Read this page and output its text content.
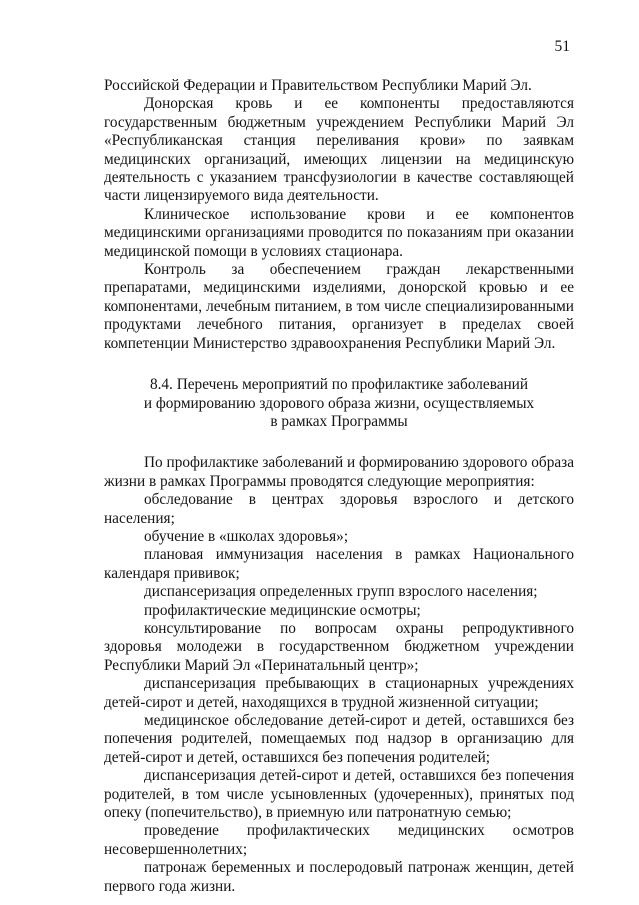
51

Российской Федерации и Правительством Республики Марий Эл.

Донорская кровь и ее компоненты предоставляются государственным бюджетным учреждением Республики Марий Эл «Республиканская станция переливания крови» по заявкам медицинских организаций, имеющих лицензии на медицинскую деятельность с указанием трансфузиологии в качестве составляющей части лицензируемого вида деятельности.

Клиническое использование крови и ее компонентов медицинскими организациями проводится по показаниям при оказании медицинской помощи в условиях стационара.

Контроль за обеспечением граждан лекарственными препаратами, медицинскими изделиями, донорской кровью и ее компонентами, лечебным питанием, в том числе специализированными продуктами лечебного питания, организует в пределах своей компетенции Министерство здравоохранения Республики Марий Эл.

8.4. Перечень мероприятий по профилактике заболеваний
и формированию здорового образа жизни, осуществляемых
в рамках Программы

По профилактике заболеваний и формированию здорового образа жизни в рамках Программы проводятся следующие мероприятия:

обследование в центрах здоровья взрослого и детского населения;

обучение в «школах здоровья»;

плановая иммунизация населения в рамках Национального календаря прививок;

диспансеризация определенных групп взрослого населения;

профилактические медицинские осмотры;

консультирование по вопросам охраны репродуктивного здоровья молодежи в государственном бюджетном учреждении Республики Марий Эл «Перинатальный центр»;

диспансеризация пребывающих в стационарных учреждениях детей-сирот и детей, находящихся в трудной жизненной ситуации;

медицинское обследование детей-сирот и детей, оставшихся без попечения родителей, помещаемых под надзор в организацию для детей-сирот и детей, оставшихся без попечения родителей;

диспансеризация детей-сирот и детей, оставшихся без попечения родителей, в том числе усыновленных (удочеренных), принятых под опеку (попечительство), в приемную или патронатную семью;

проведение профилактических медицинских осмотров несовершеннолетних;

патронаж беременных и послеродовый патронаж женщин, детей первого года жизни.
